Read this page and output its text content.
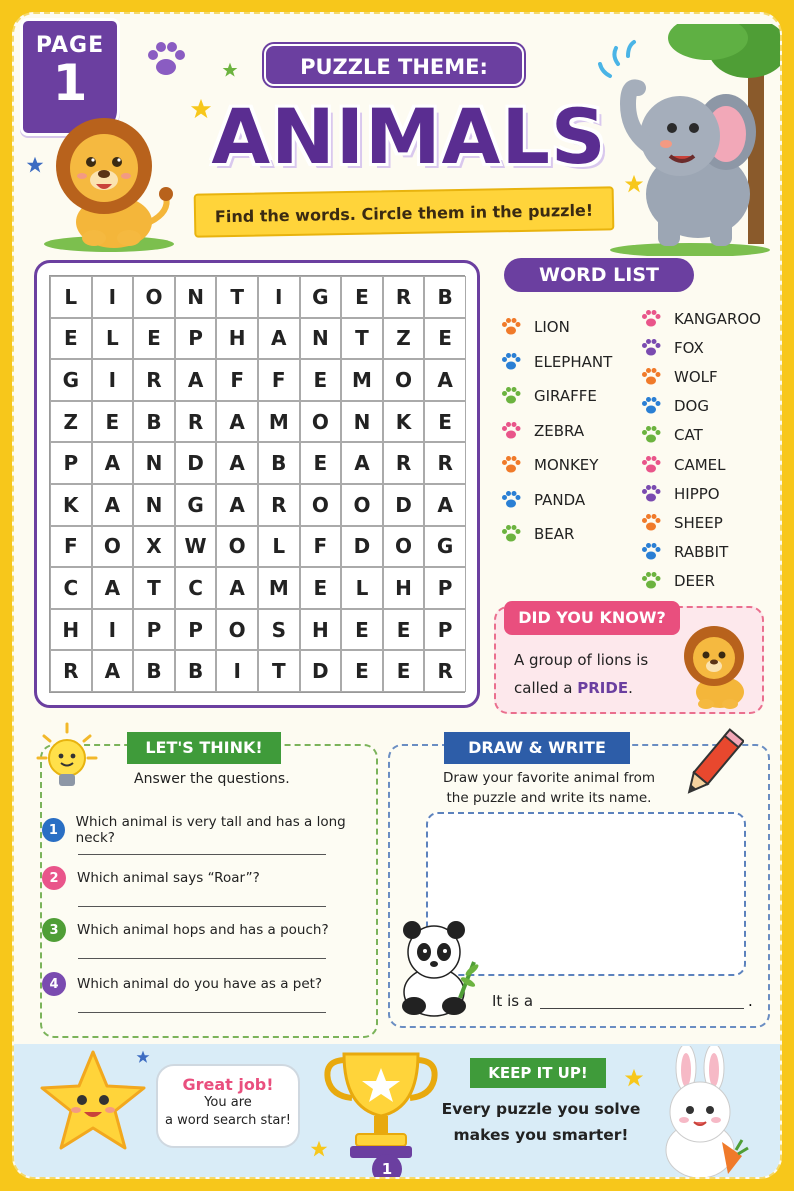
PAGE
1	PUZZLE THEME:
ANIMALS
Find the words. Circle them in the puzzle!
L	I	O	N	T	I	G	E	R	B
E	L	E	P	H	A	N	T	Z	E
G	I	R	A	F	F	E	M	O	A
Z	E	B	R	A	M	O	N	K	E
P	A	N	D	A	B	E	A	R	R
K	A	N	G	A	R	O	O	D	A
F	O	X	W	O	L	F	D	O	G
C	A	T	C	A	M	E	L	H	P
H	I	P	P	O	S	H	E	E	P
R	A	B	B	I	T	D	E	E	R
WORD LIST
LION
ELEPHANT
GIRAFFE
ZEBRA
MONKEY
PANDA
BEAR
KANGAROO
FOX
WOLF
DOG
CAT
CAMEL
HIPPO
SHEEP
RABBIT
DEER
DID YOU KNOW?
A group of lions is called a PRIDE.
LET'S THINK!
Answer the questions.
1	Which animal is very tall and has a long neck?
2	Which animal says “Roar”?
3	Which animal hops and has a pouch?
4	Which animal do you have as a pet?
DRAW & WRITE
Draw your favorite animal from the puzzle and write its name.
It is a	.
Great job!
You are
a word search star!
KEEP IT UP!
Every puzzle you solve makes you smarter!
1
